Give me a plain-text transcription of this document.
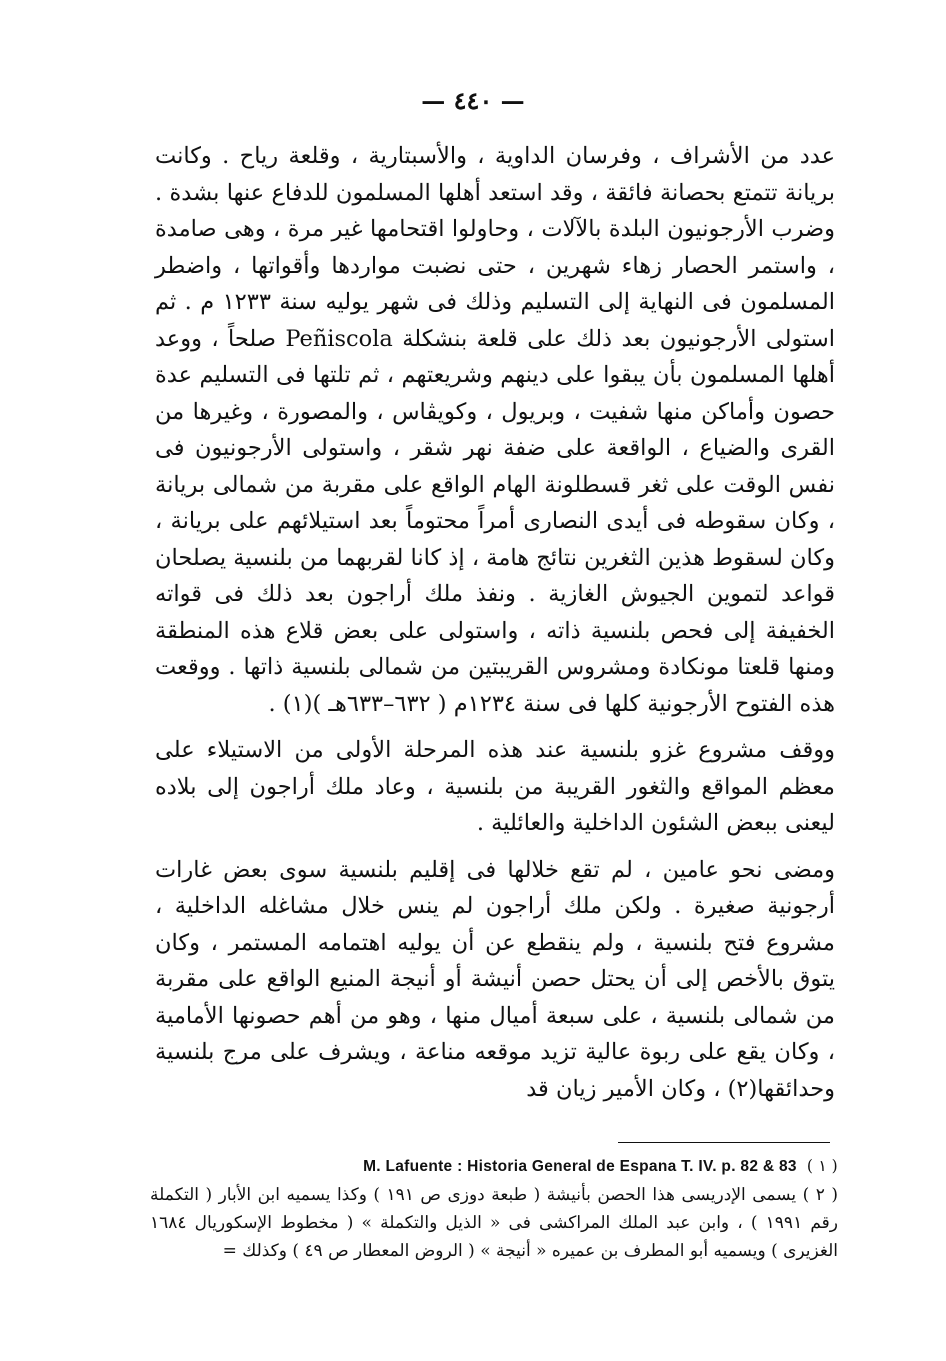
— ٤٤٠ —

عدد من الأشراف ، وفرسان الداوية ، والأسبتارية ، وقلعة رياح . وكانت بريانة تتمتع بحصانة فائقة ، وقد استعد أهلها المسلمون للدفاع عنها بشدة . وضرب الأرجونيون البلدة بالآلات ، وحاولوا اقتحامها غير مرة ، وهى صامدة ، واستمر الحصار زهاء شهرين ، حتى نضبت مواردها وأقواتها ، واضطر المسلمون فى النهاية إلى التسليم وذلك فى شهر يوليه سنة ١٢٣٣ م . ثم استولى الأرجونيون بعد ذلك على قلعة بنشكلة Peñiscola صلحاً ، ووعد أهلها المسلمون بأن يبقوا على دينهم وشريعتهم ، ثم تلتها فى التسليم عدة حصون وأماكن منها شفيت ، وبريول ، وكويڤاس ، والمصورة ، وغيرها من القرى والضياع ، الواقعة على ضفة نهر شقر ، واستولى الأرجونيون فى نفس الوقت على ثغر قسطلونة الهام الواقع على مقربة من شمالى بريانة ، وكان سقوطه فى أيدى النصارى أمراً محتوماً بعد استيلائهم على بريانة ، وكان لسقوط هذين الثغرين نتائج هامة ، إذ كانا لقربهما من بلنسية يصلحان قواعد لتموين الجيوش الغازية . ونفذ ملك أراجون بعد ذلك فى قواته الخفيفة إلى فحص بلنسية ذاته ، واستولى على بعض قلاع هذه المنطقة ومنها قلعتا مونكادة ومشروس القريبتين من شمالى بلنسية ذاتها . ووقعت هذه الفتوح الأرجونية كلها فى سنة ١٢٣٤م ( ٦٣٢–٦٣٣هـ )(١) .

ووقف مشروع غزو بلنسية عند هذه المرحلة الأولى من الاستيلاء على معظم المواقع والثغور القريبة من بلنسية ، وعاد ملك أراجون إلى بلاده ليعنى ببعض الشئون الداخلية والعائلية .

ومضى نحو عامين ، لم تقع خلالها فى إقليم بلنسية سوى بعض غارات أرجونية صغيرة . ولكن ملك أراجون لم ينس خلال مشاغله الداخلية ، مشروع فتح بلنسية ، ولم ينقطع عن أن يوليه اهتمامه المستمر ، وكان يتوق بالأخص إلى أن يحتل حصن أنيشة أو أنيجة المنيع الواقع على مقربة من شمالى بلنسية ، على سبعة أميال منها ، وهو من أهم حصونها الأمامية ، وكان يقع على ربوة عالية تزيد موقعه مناعة ، ويشرف على مرج بلنسية وحدائقها(٢) ، وكان الأمير زيان قد

M. Lafuente : Historia General de Espana T. IV. p. 82 & 83 ( ١ )

( ٢ ) يسمى الإدريسى هذا الحصن بأنيشة ( طبعة دوزى ص ١٩١ ) وكذا يسميه ابن الأبار ( التكملة رقم ١٩٩١ ) ، وابن عبد الملك المراكشى فى « الذيل والتكملة » ( مخطوط الإسكوريال ١٦٨٤ الغزيرى ) ويسميه أبو المطرف بن عميره « أنيجة » ( الروض المعطار ص ٤٩ ) وكذلك =
